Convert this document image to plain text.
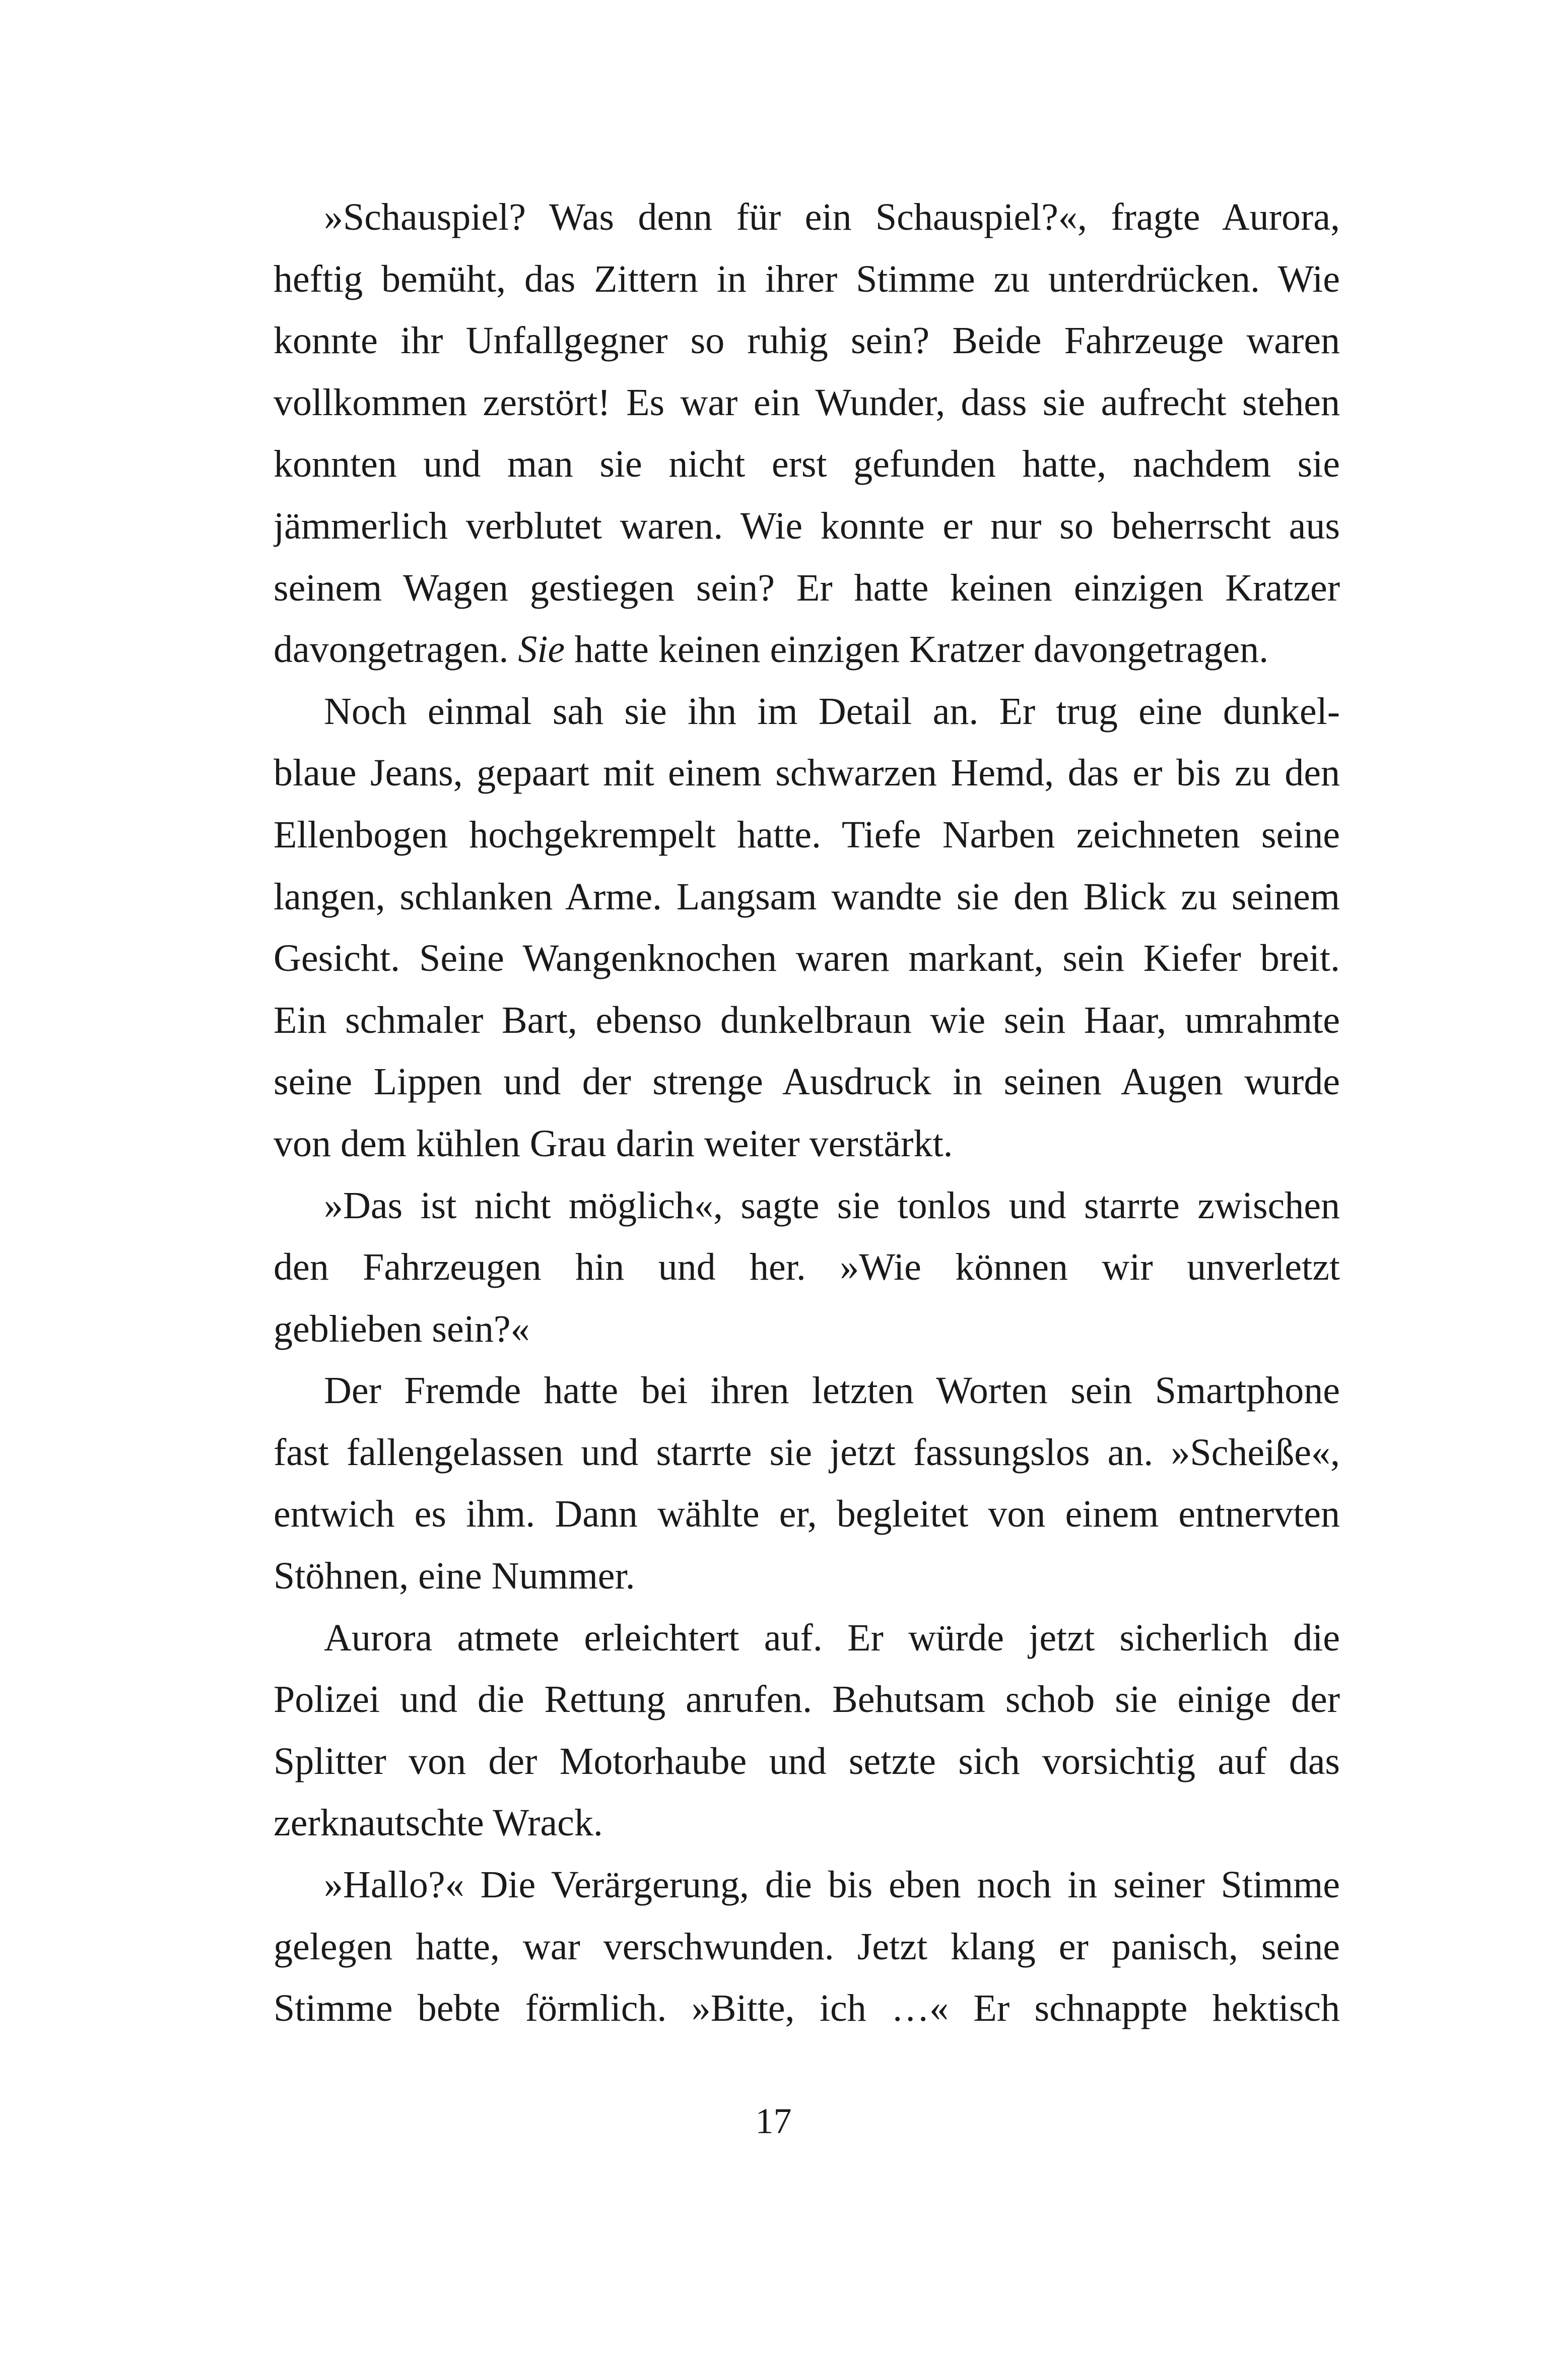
»Schauspiel? Was denn für ein Schauspiel?«, fragte Aurora,
heftig bemüht, das Zittern in ihrer Stimme zu unterdrücken. Wie
konnte ihr Unfallgegner so ruhig sein? Beide Fahrzeuge waren
vollkommen zerstört! Es war ein Wunder, dass sie aufrecht stehen
konnten und man sie nicht erst gefunden hatte, nachdem sie
jämmerlich verblutet waren. Wie konnte er nur so beherrscht aus
seinem Wagen gestiegen sein? Er hatte keinen einzigen Kratzer
davongetragen. Sie hatte keinen einzigen Kratzer davongetragen.
Noch einmal sah sie ihn im Detail an. Er trug eine dunkel-
blaue Jeans, gepaart mit einem schwarzen Hemd, das er bis zu den
Ellenbogen hochgekrempelt hatte. Tiefe Narben zeichneten seine
langen, schlanken Arme. Langsam wandte sie den Blick zu seinem
Gesicht. Seine Wangenknochen waren markant, sein Kiefer breit.
Ein schmaler Bart, ebenso dunkelbraun wie sein Haar, umrahmte
seine Lippen und der strenge Ausdruck in seinen Augen wurde
von dem kühlen Grau darin weiter verstärkt.
»Das ist nicht möglich«, sagte sie tonlos und starrte zwischen
den Fahrzeugen hin und her. »Wie können wir unverletzt
geblieben sein?«
Der Fremde hatte bei ihren letzten Worten sein Smartphone
fast fallengelassen und starrte sie jetzt fassungslos an. »Scheiße«,
entwich es ihm. Dann wählte er, begleitet von einem entnervten
Stöhnen, eine Nummer.
Aurora atmete erleichtert auf. Er würde jetzt sicherlich die
Polizei und die Rettung anrufen. Behutsam schob sie einige der
Splitter von der Motorhaube und setzte sich vorsichtig auf das
zerknautschte Wrack.
»Hallo?« Die Verärgerung, die bis eben noch in seiner Stimme
gelegen hatte, war verschwunden. Jetzt klang er panisch, seine
Stimme bebte förmlich. »Bitte, ich …« Er schnappte hektisch
17
